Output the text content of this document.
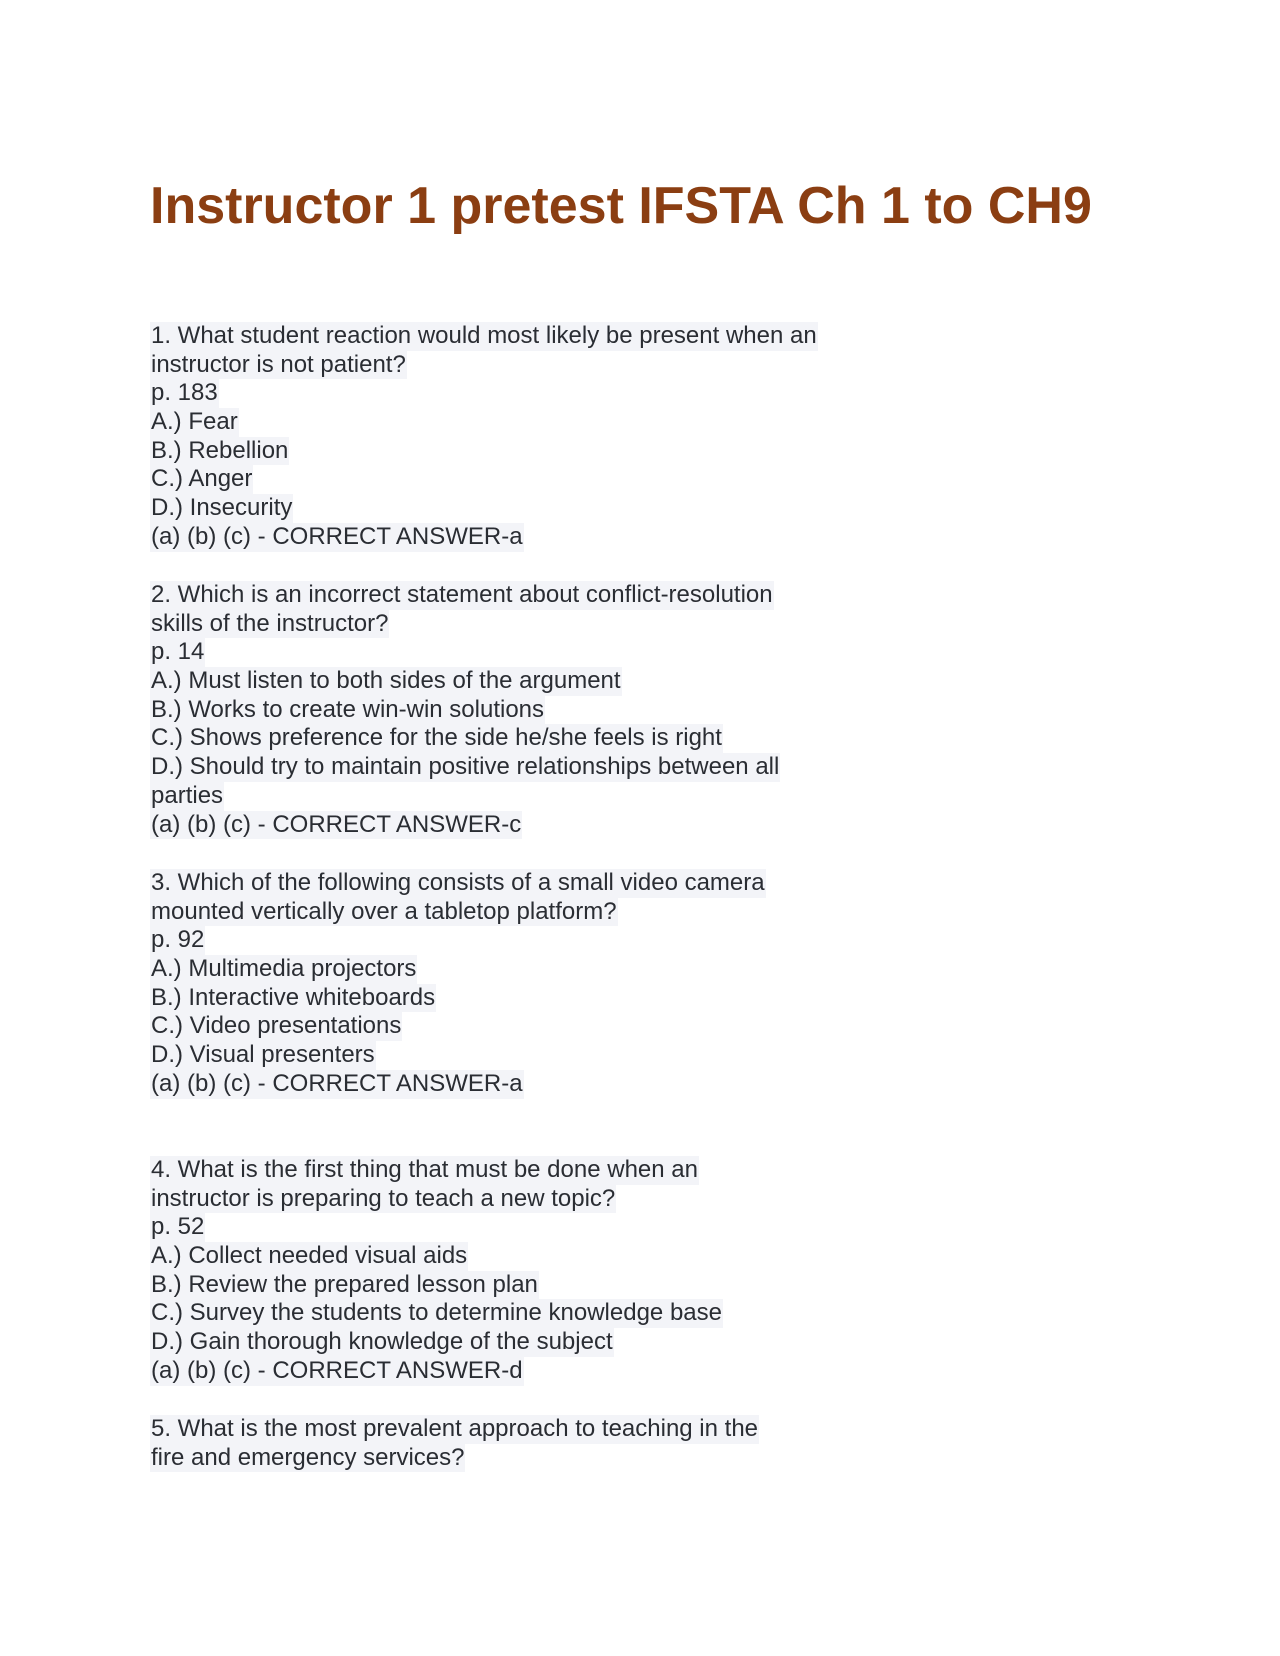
Instructor 1 pretest IFSTA Ch 1 to CH9
1. What student reaction would most likely be present when an
instructor is not patient?
p. 183
A.) Fear
B.) Rebellion
C.) Anger
D.) Insecurity
(a) (b) (c) - CORRECT ANSWER-a
2. Which is an incorrect statement about conflict-resolution
skills of the instructor?
p. 14
A.) Must listen to both sides of the argument
B.) Works to create win-win solutions
C.) Shows preference for the side he/she feels is right
D.) Should try to maintain positive relationships between all
parties
(a) (b) (c) - CORRECT ANSWER-c
3. Which of the following consists of a small video camera
mounted vertically over a tabletop platform?
p. 92
A.) Multimedia projectors
B.) Interactive whiteboards
C.) Video presentations
D.) Visual presenters
(a) (b) (c) - CORRECT ANSWER-a
4. What is the first thing that must be done when an
instructor is preparing to teach a new topic?
p. 52
A.) Collect needed visual aids
B.) Review the prepared lesson plan
C.) Survey the students to determine knowledge base
D.) Gain thorough knowledge of the subject
(a) (b) (c) - CORRECT ANSWER-d
5. What is the most prevalent approach to teaching in the
fire and emergency services?
